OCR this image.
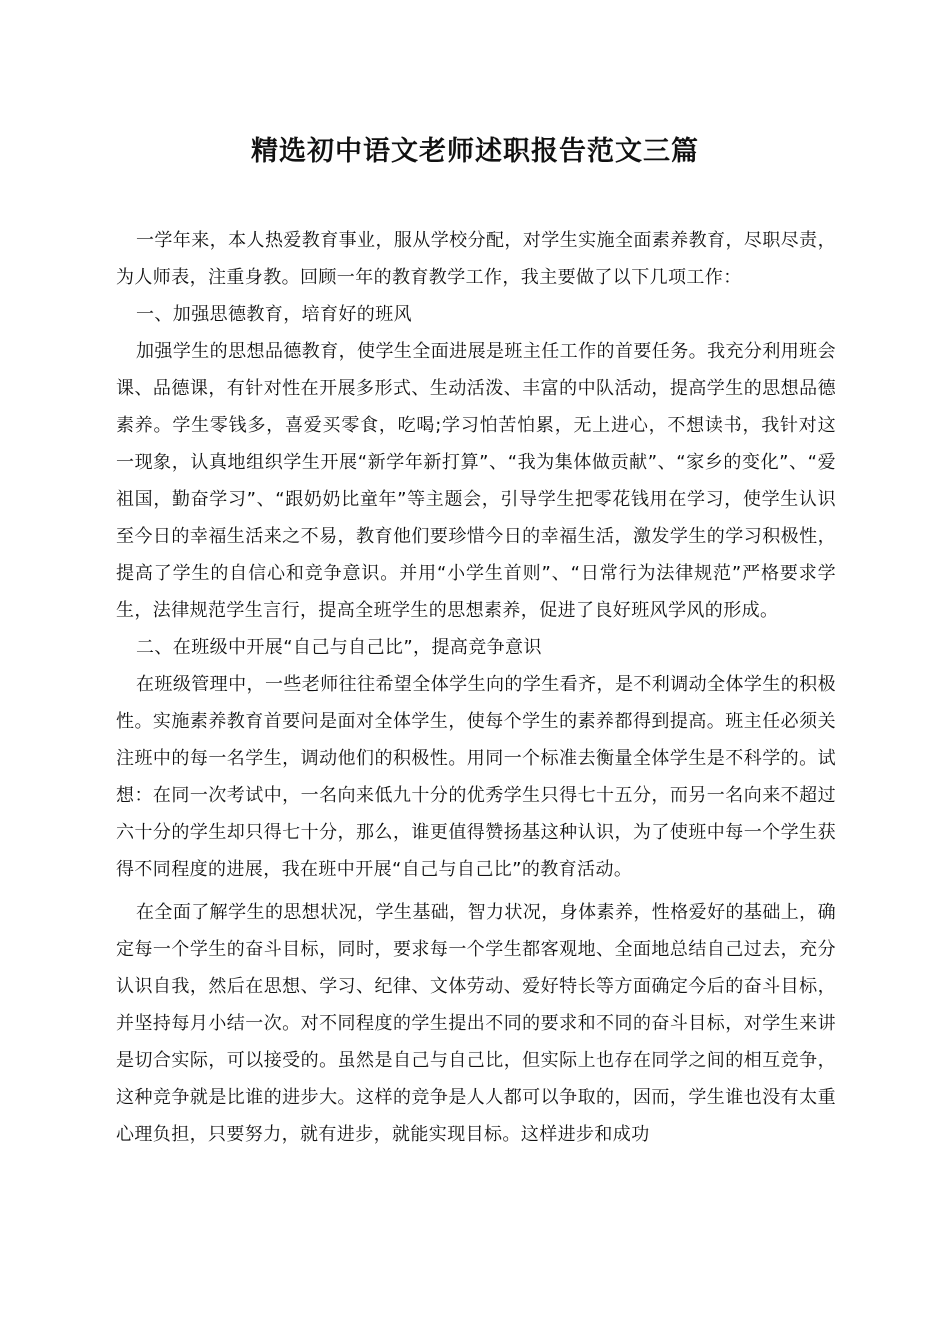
精选初中语文老师述职报告范文三篇

一学年来，本人热爱教育事业，服从学校分配，对学生实施全面素养教育，尽职尽责，为人师表，注重身教。回顾一年的教育教学工作，我主要做了以下几项工作：

一、加强思德教育，培育好的班风

加强学生的思想品德教育，使学生全面进展是班主任工作的首要任务。我充分利用班会课、品德课，有针对性在开展多形式、生动活泼、丰富的中队活动，提高学生的思想品德素养。学生零钱多，喜爱买零食，吃喝;学习怕苦怕累，无上进心，不想读书，我针对这一现象，认真地组织学生开展“新学年新打算”、“我为集体做贡献”、“家乡的变化”、“爱祖国，勤奋学习”、“跟奶奶比童年”等主题会，引导学生把零花钱用在学习，使学生认识至今日的幸福生活来之不易，教育他们要珍惜今日的幸福生活，激发学生的学习积极性，提高了学生的自信心和竞争意识。并用“小学生首则”、“日常行为法律规范”严格要求学生，法律规范学生言行，提高全班学生的思想素养，促进了良好班风学风的形成。

二、在班级中开展“自己与自己比”，提高竞争意识

在班级管理中，一些老师往往希望全体学生向的学生看齐，是不利调动全体学生的积极性。实施素养教育首要问是面对全体学生，使每个学生的素养都得到提高。班主任必须关注班中的每一名学生，调动他们的积极性。用同一个标准去衡量全体学生是不科学的。试想：在同一次考试中，一名向来低九十分的优秀学生只得七十五分，而另一名向来不超过六十分的学生却只得七十分，那么，谁更值得赞扬基这种认识，为了使班中每一个学生获得不同程度的进展，我在班中开展“自己与自己比”的教育活动。

在全面了解学生的思想状况，学生基础，智力状况，身体素养，性格爱好的基础上，确定每一个学生的奋斗目标，同时，要求每一个学生都客观地、全面地总结自己过去，充分认识自我，然后在思想、学习、纪律、文体劳动、爱好特长等方面确定今后的奋斗目标，并坚持每月小结一次。对不同程度的学生提出不同的要求和不同的奋斗目标，对学生来讲是切合实际，可以接受的。虽然是自己与自己比，但实际上也存在同学之间的相互竞争，这种竞争就是比谁的进步大。这样的竞争是人人都可以争取的，因而，学生谁也没有太重心理负担，只要努力，就有进步，就能实现目标。这样进步和成功
